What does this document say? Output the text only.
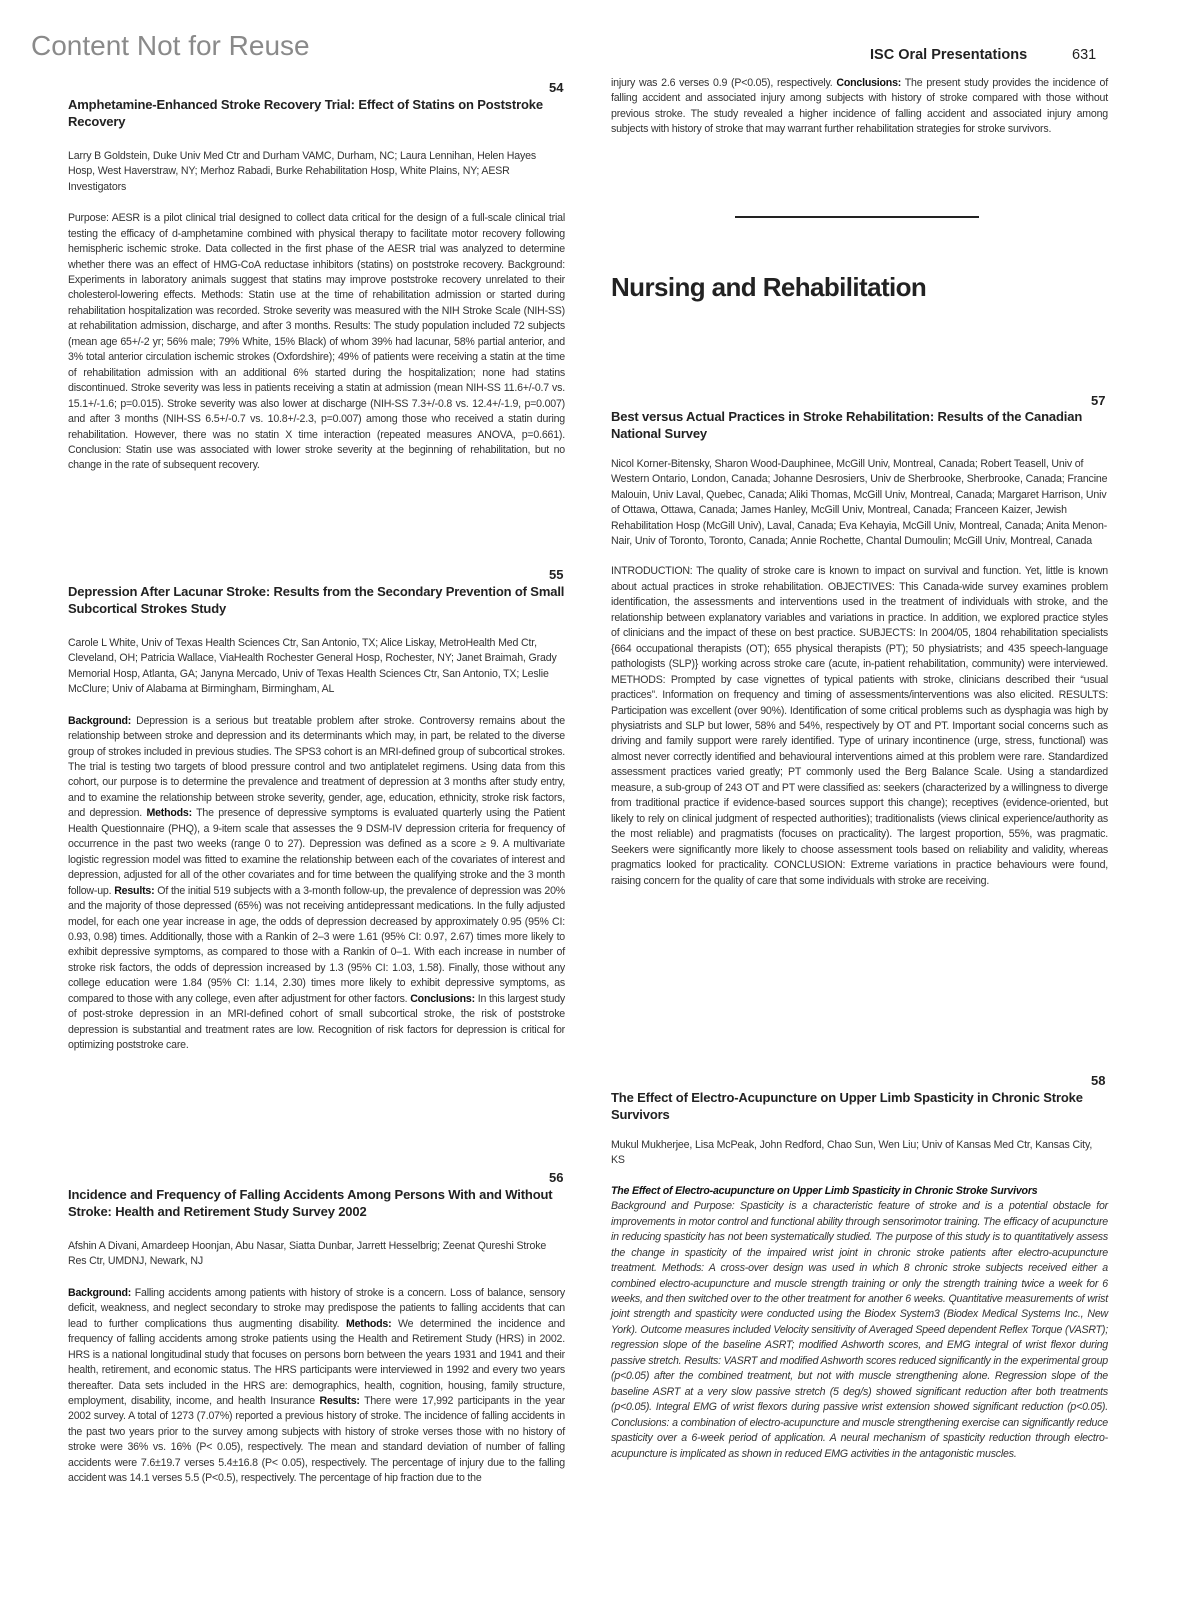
Content Not for Reuse	ISC Oral Presentations	631
54
Amphetamine-Enhanced Stroke Recovery Trial: Effect of Statins on Poststroke Recovery
Larry B Goldstein, Duke Univ Med Ctr and Durham VAMC, Durham, NC; Laura Lennihan, Helen Hayes Hosp, West Haverstraw, NY; Merhoz Rabadi, Burke Rehabilitation Hosp, White Plains, NY; AESR Investigators
Purpose: AESR is a pilot clinical trial designed to collect data critical for the design of a full-scale clinical trial testing the efficacy of d-amphetamine combined with physical therapy to facilitate motor recovery following hemispheric ischemic stroke. Data collected in the first phase of the AESR trial was analyzed to determine whether there was an effect of HMG-CoA reductase inhibitors (statins) on poststroke recovery. Background: Experiments in laboratory animals suggest that statins may improve poststroke recovery unrelated to their cholesterol-lowering effects. Methods: Statin use at the time of rehabilitation admission or started during rehabilitation hospitalization was recorded. Stroke severity was measured with the NIH Stroke Scale (NIH-SS) at rehabilitation admission, discharge, and after 3 months. Results: The study population included 72 subjects (mean age 65+/-2 yr; 56% male; 79% White, 15% Black) of whom 39% had lacunar, 58% partial anterior, and 3% total anterior circulation ischemic strokes (Oxfordshire); 49% of patients were receiving a statin at the time of rehabilitation admission with an additional 6% started during the hospitalization; none had statins discontinued. Stroke severity was less in patients receiving a statin at admission (mean NIH-SS 11.6+/-0.7 vs. 15.1+/-1.6; p=0.015). Stroke severity was also lower at discharge (NIH-SS 7.3+/-0.8 vs. 12.4+/-1.9, p=0.007) and after 3 months (NIH-SS 6.5+/-0.7 vs. 10.8+/-2.3, p=0.007) among those who received a statin during rehabilitation. However, there was no statin X time interaction (repeated measures ANOVA, p=0.661). Conclusion: Statin use was associated with lower stroke severity at the beginning of rehabilitation, but no change in the rate of subsequent recovery.
55
Depression After Lacunar Stroke: Results from the Secondary Prevention of Small Subcortical Strokes Study
Carole L White, Univ of Texas Health Sciences Ctr, San Antonio, TX; Alice Liskay, MetroHealth Med Ctr, Cleveland, OH; Patricia Wallace, ViaHealth Rochester General Hosp, Rochester, NY; Janet Braimah, Grady Memorial Hosp, Atlanta, GA; Janyna Mercado, Univ of Texas Health Sciences Ctr, San Antonio, TX; Leslie McClure; Univ of Alabama at Birmingham, Birmingham, AL
Background: Depression is a serious but treatable problem after stroke. Controversy remains about the relationship between stroke and depression and its determinants which may, in part, be related to the diverse group of strokes included in previous studies. The SPS3 cohort is an MRI-defined group of subcortical strokes. The trial is testing two targets of blood pressure control and two antiplatelet regimens. Using data from this cohort, our purpose is to determine the prevalence and treatment of depression at 3 months after study entry, and to examine the relationship between stroke severity, gender, age, education, ethnicity, stroke risk factors, and depression. Methods: The presence of depressive symptoms is evaluated quarterly using the Patient Health Questionnaire (PHQ), a 9-item scale that assesses the 9 DSM-IV depression criteria for frequency of occurrence in the past two weeks (range 0 to 27). Depression was defined as a score ≥ 9. A multivariate logistic regression model was fitted to examine the relationship between each of the covariates of interest and depression, adjusted for all of the other covariates and for time between the qualifying stroke and the 3 month follow-up. Results: Of the initial 519 subjects with a 3-month follow-up, the prevalence of depression was 20% and the majority of those depressed (65%) was not receiving antidepressant medications. In the fully adjusted model, for each one year increase in age, the odds of depression decreased by approximately 0.95 (95% CI: 0.93, 0.98) times. Additionally, those with a Rankin of 2–3 were 1.61 (95% CI: 0.97, 2.67) times more likely to exhibit depressive symptoms, as compared to those with a Rankin of 0–1. With each increase in number of stroke risk factors, the odds of depression increased by 1.3 (95% CI: 1.03, 1.58). Finally, those without any college education were 1.84 (95% CI: 1.14, 2.30) times more likely to exhibit depressive symptoms, as compared to those with any college, even after adjustment for other factors. Conclusions: In this largest study of post-stroke depression in an MRI-defined cohort of small subcortical stroke, the risk of poststroke depression is substantial and treatment rates are low. Recognition of risk factors for depression is critical for optimizing poststroke care.
56
Incidence and Frequency of Falling Accidents Among Persons With and Without Stroke: Health and Retirement Study Survey 2002
Afshin A Divani, Amardeep Hoonjan, Abu Nasar, Siatta Dunbar, Jarrett Hesselbrig; Zeenat Qureshi Stroke Res Ctr, UMDNJ, Newark, NJ
Background: Falling accidents among patients with history of stroke is a concern. Loss of balance, sensory deficit, weakness, and neglect secondary to stroke may predispose the patients to falling accidents that can lead to further complications thus augmenting disability. Methods: We determined the incidence and frequency of falling accidents among stroke patients using the Health and Retirement Study (HRS) in 2002. HRS is a national longitudinal study that focuses on persons born between the years 1931 and 1941 and their health, retirement, and economic status. The HRS participants were interviewed in 1992 and every two years thereafter. Data sets included in the HRS are: demographics, health, cognition, housing, family structure, employment, disability, income, and health Insurance Results: There were 17,992 participants in the year 2002 survey. A total of 1273 (7.07%) reported a previous history of stroke. The incidence of falling accidents in the past two years prior to the survey among subjects with history of stroke verses those with no history of stroke were 36% vs. 16% (P< 0.05), respectively. The mean and standard deviation of number of falling accidents were 7.6±19.7 verses 5.4±16.8 (P< 0.05), respectively. The percentage of injury due to the falling accident was 14.1 verses 5.5 (P<0.5), respectively. The percentage of hip fraction due to the
injury was 2.6 verses 0.9 (P<0.05), respectively. Conclusions: The present study provides the incidence of falling accident and associated injury among subjects with history of stroke compared with those without previous stroke. The study revealed a higher incidence of falling accident and associated injury among subjects with history of stroke that may warrant further rehabilitation strategies for stroke survivors.
Nursing and Rehabilitation
57
Best versus Actual Practices in Stroke Rehabilitation: Results of the Canadian National Survey
Nicol Korner-Bitensky, Sharon Wood-Dauphinee, McGill Univ, Montreal, Canada; Robert Teasell, Univ of Western Ontario, London, Canada; Johanne Desrosiers, Univ de Sherbrooke, Sherbrooke, Canada; Francine Malouin, Univ Laval, Quebec, Canada; Aliki Thomas, McGill Univ, Montreal, Canada; Margaret Harrison, Univ of Ottawa, Ottawa, Canada; James Hanley, McGill Univ, Montreal, Canada; Franceen Kaizer, Jewish Rehabilitation Hosp (McGill Univ), Laval, Canada; Eva Kehayia, McGill Univ, Montreal, Canada; Anita Menon-Nair, Univ of Toronto, Toronto, Canada; Annie Rochette, Chantal Dumoulin; McGill Univ, Montreal, Canada
INTRODUCTION: The quality of stroke care is known to impact on survival and function. Yet, little is known about actual practices in stroke rehabilitation. OBJECTIVES: This Canada-wide survey examines problem identification, the assessments and interventions used in the treatment of individuals with stroke, and the relationship between explanatory variables and variations in practice. In addition, we explored practice styles of clinicians and the impact of these on best practice. SUBJECTS: In 2004/05, 1804 rehabilitation specialists {664 occupational therapists (OT); 655 physical therapists (PT); 50 physiatrists; and 435 speech-language pathologists (SLP)} working across stroke care (acute, in-patient rehabilitation, community) were interviewed. METHODS: Prompted by case vignettes of typical patients with stroke, clinicians described their “usual practices”. Information on frequency and timing of assessments/interventions was also elicited. RESULTS: Participation was excellent (over 90%). Identification of some critical problems such as dysphagia was high by physiatrists and SLP but lower, 58% and 54%, respectively by OT and PT. Important social concerns such as driving and family support were rarely identified. Type of urinary incontinence (urge, stress, functional) was almost never correctly identified and behavioural interventions aimed at this problem were rare. Standardized assessment practices varied greatly; PT commonly used the Berg Balance Scale. Using a standardized measure, a sub-group of 243 OT and PT were classified as: seekers (characterized by a willingness to diverge from traditional practice if evidence-based sources support this change); receptives (evidence-oriented, but likely to rely on clinical judgment of respected authorities); traditionalists (views clinical experience/authority as the most reliable) and pragmatists (focuses on practicality). The largest proportion, 55%, was pragmatic. Seekers were significantly more likely to choose assessment tools based on reliability and validity, whereas pragmatics looked for practicality. CONCLUSION: Extreme variations in practice behaviours were found, raising concern for the quality of care that some individuals with stroke are receiving.
58
The Effect of Electro-Acupuncture on Upper Limb Spasticity in Chronic Stroke Survivors
Mukul Mukherjee, Lisa McPeak, John Redford, Chao Sun, Wen Liu; Univ of Kansas Med Ctr, Kansas City, KS
The Effect of Electro-acupuncture on Upper Limb Spasticity in Chronic Stroke Survivors
Background and Purpose: Spasticity is a characteristic feature of stroke and is a potential obstacle for improvements in motor control and functional ability through sensorimotor training. The efficacy of acupuncture in reducing spasticity has not been systematically studied. The purpose of this study is to quantitatively assess the change in spasticity of the impaired wrist joint in chronic stroke patients after electro-acupuncture treatment. Methods: A cross-over design was used in which 8 chronic stroke subjects received either a combined electro-acupuncture and muscle strength training or only the strength training twice a week for 6 weeks, and then switched over to the other treatment for another 6 weeks. Quantitative measurements of wrist joint strength and spasticity were conducted using the Biodex System3 (Biodex Medical Systems Inc., New York). Outcome measures included Velocity sensitivity of Averaged Speed dependent Reflex Torque (VASRT); regression slope of the baseline ASRT; modified Ashworth scores, and EMG integral of wrist flexor during passive stretch. Results: VASRT and modified Ashworth scores reduced significantly in the experimental group (p<0.05) after the combined treatment, but not with muscle strengthening alone. Regression slope of the baseline ASRT at a very slow passive stretch (5 deg/s) showed significant reduction after both treatments (p<0.05). Integral EMG of wrist flexors during passive wrist extension showed significant reduction (p<0.05). Conclusions: a combination of electro-acupuncture and muscle strengthening exercise can significantly reduce spasticity over a 6-week period of application. A neural mechanism of spasticity reduction through electro-acupuncture is implicated as shown in reduced EMG activities in the antagonistic muscles.
